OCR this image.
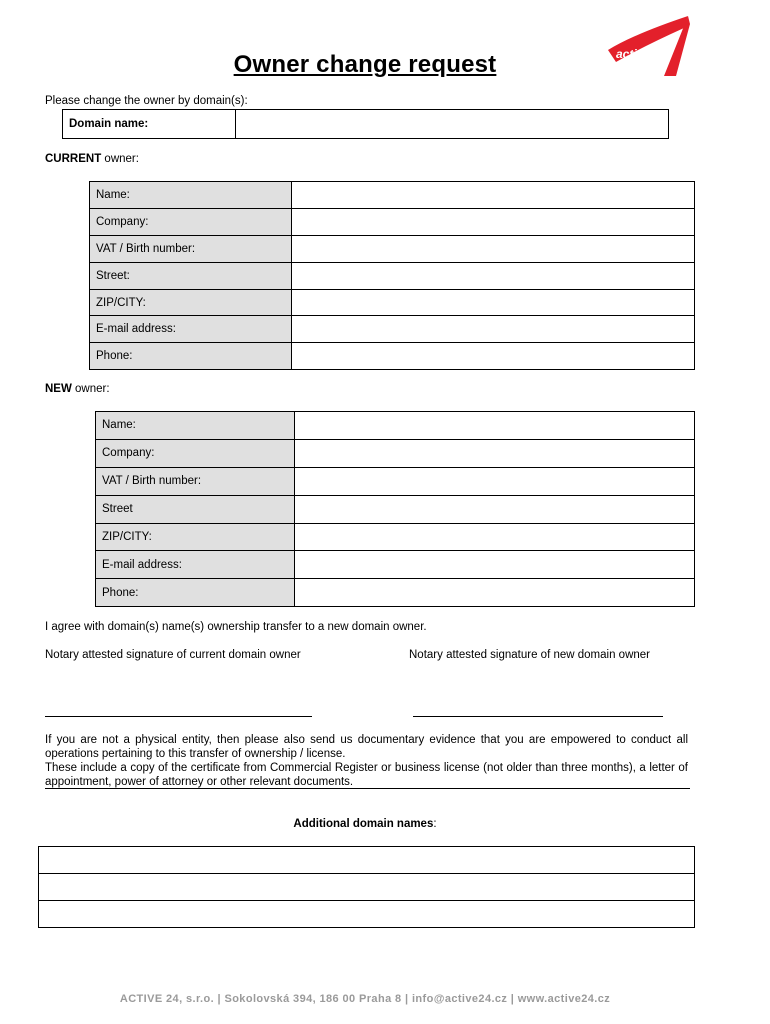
active 24
Owner change request
Please change the owner by domain(s):
Domain name:	
CURRENT owner:
Name:	
Company:	
VAT / Birth number:	
Street:	
ZIP/CITY:	
E-mail address:	
Phone:	
NEW owner:
Name:	
Company:	
VAT / Birth number:	
Street	
ZIP/CITY:	
E-mail address:	
Phone:	
I agree with domain(s) name(s) ownership transfer to a new domain owner.
Notary attested signature of current domain owner	Notary attested signature of new domain owner

If you are not a physical entity, then please also send us documentary evidence that you are empowered to conduct all operations pertaining to this transfer of ownership / license.

These include a copy of the certificate from Commercial Register or business license (not older than three months), a letter of appointment, power of attorney or other relevant documents.

Additional domain names:

ACTIVE 24, s.r.o. | Sokolovská 394, 186 00 Praha 8 | info@active24.cz | www.active24.cz
